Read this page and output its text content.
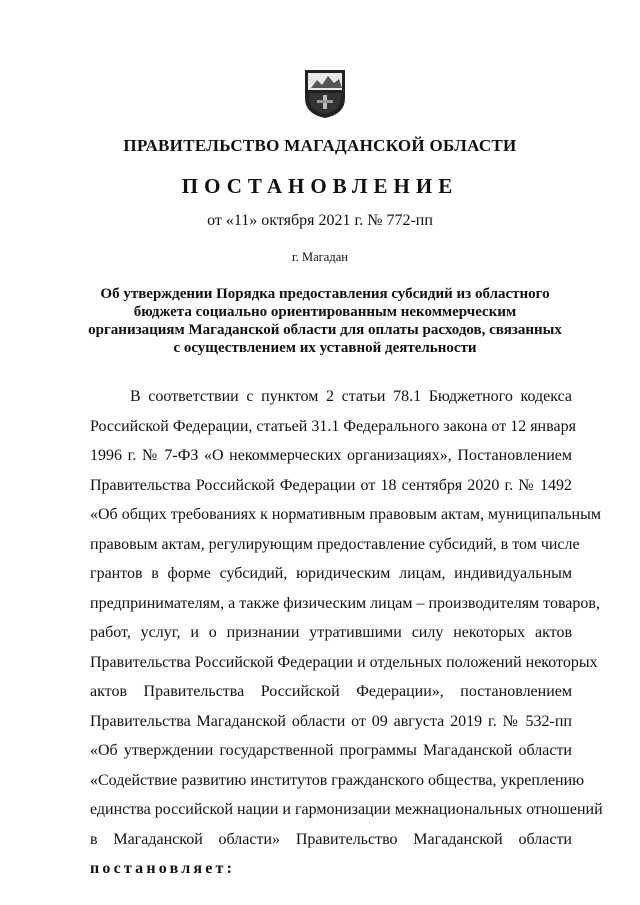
ПРАВИТЕЛЬСТВО МАГАДАНСКОЙ ОБЛАСТИ
ПОСТАНОВЛЕНИЕ
от «11» октября 2021 г. № 772-пп
г. Магадан
Об утверждении Порядка предоставления субсидий из областного
бюджета социально ориентированным некоммерческим
организациям Магаданской области для оплаты расходов, связанных
с осуществлением их уставной деятельности
В соответствии с пунктом 2 статьи 78.1 Бюджетного кодекса
Российской Федерации, статьей 31.1 Федерального закона от 12 января
1996 г. № 7-ФЗ «О некоммерческих организациях», Постановлением
Правительства Российской Федерации от 18 сентября 2020 г. № 1492
«Об общих требованиях к нормативным правовым актам, муниципальным
правовым актам, регулирующим предоставление субсидий, в том числе
грантов в форме субсидий, юридическим лицам, индивидуальным
предпринимателям, а также физическим лицам – производителям товаров,
работ, услуг, и о признании утратившими силу некоторых актов
Правительства Российской Федерации и отдельных положений некоторых
актов Правительства Российской Федерации», постановлением
Правительства Магаданской области от 09 августа 2019 г. № 532-пп
«Об утверждении государственной программы Магаданской области
«Содействие развитию институтов гражданского общества, укреплению
единства российской нации и гармонизации межнациональных отношений
в Магаданской области» Правительство Магаданской области
постановляет:
